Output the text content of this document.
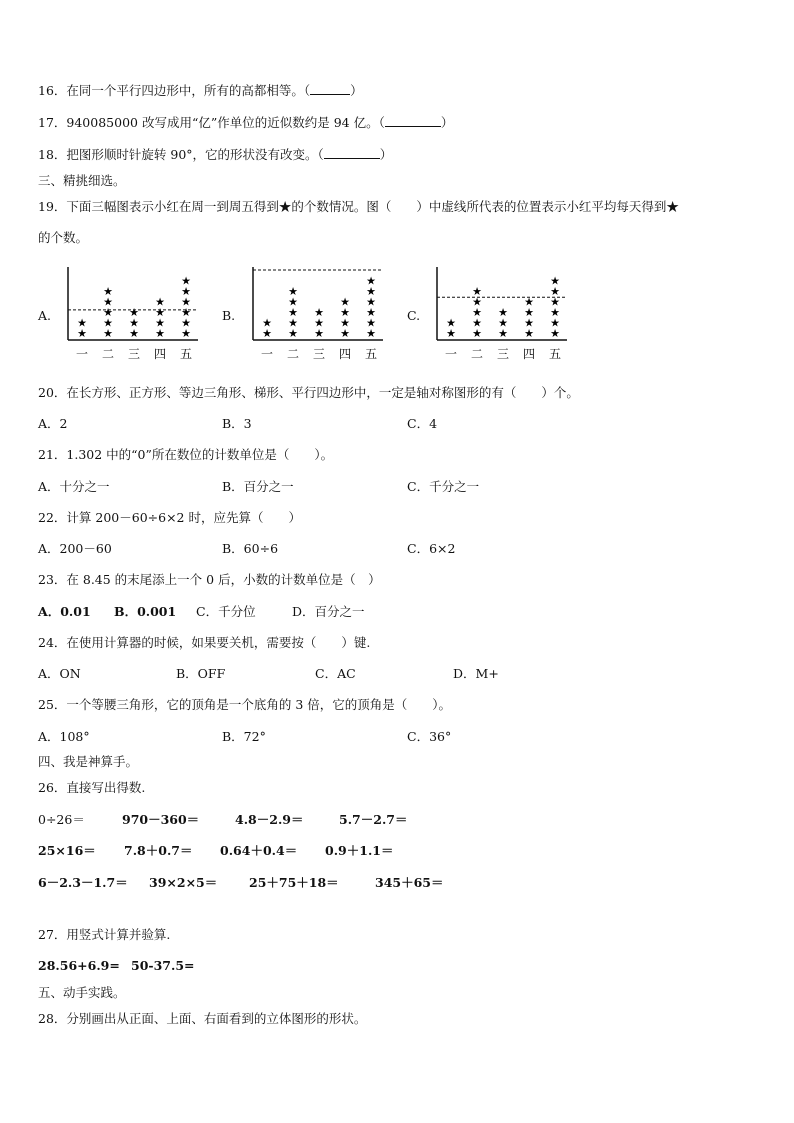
16．在同一个平行四边形中，所有的高都相等。（	）
17．940085000 改写成用“亿”作单位的近似数约是 94 亿。（	）
18．把图形顺时针旋转 90°，它的形状没有改变。（	）
三、精挑细选。
19．下面三幅图表示小红在周一到周五得到★的个数情况。图（　　）中虚线所代表的位置表示小红平均每天得到★
的个数。
A.
★
★
一
★
★
★
★
★
二
★
★
★
三
★
★
★
★
四
★
★
★
★
★
★
五
B.
★
★
一
★
★
★
★
★
二
★
★
★
三
★
★
★
★
四
★
★
★
★
★
★
五
C.
★
★
一
★
★
★
★
★
二
★
★
★
三
★
★
★
★
四
★
★
★
★
★
★
五
20．在长方形、正方形、等边三角形、梯形、平行四边形中，一定是轴对称图形的有（　　）个。
A．2	B．3	C．4
21．1.302 中的“0”所在数位的计数单位是（　　）。
A．十分之一	B．百分之一	C．千分之一
22．计算 200－60÷6×2 时，应先算（　　）
A．200－60	B．60÷6	C．6×2
23．在 8.45 的末尾添上一个 0 后，小数的计数单位是（　）
A．0.01 B．0.001 C．千分位	D．百分之一
24．在使用计算器的时候，如果要关机，需要按（　　）键.
A．ON	B．OFF	C．AC	D．M+
25．一个等腰三角形，它的顶角是一个底角的 3 倍，它的顶角是（　　）。
A．108°	B．72°	C．36°
四、我是神算手。
26．直接写出得数.
0÷26＝	970－360＝	4.8－2.9＝	5.7－2.7＝
25×16＝ 7.8＋0.7＝ 0.64＋0.4＝ 0.9＋1.1＝
6－2.3－1.7＝ 39×2×5＝	25＋75＋18＝	345＋65＝
27．用竖式计算并验算.
28.56+6.9= 50-37.5=
五、动手实践。
28．分别画出从正面、上面、右面看到的立体图形的形状。
